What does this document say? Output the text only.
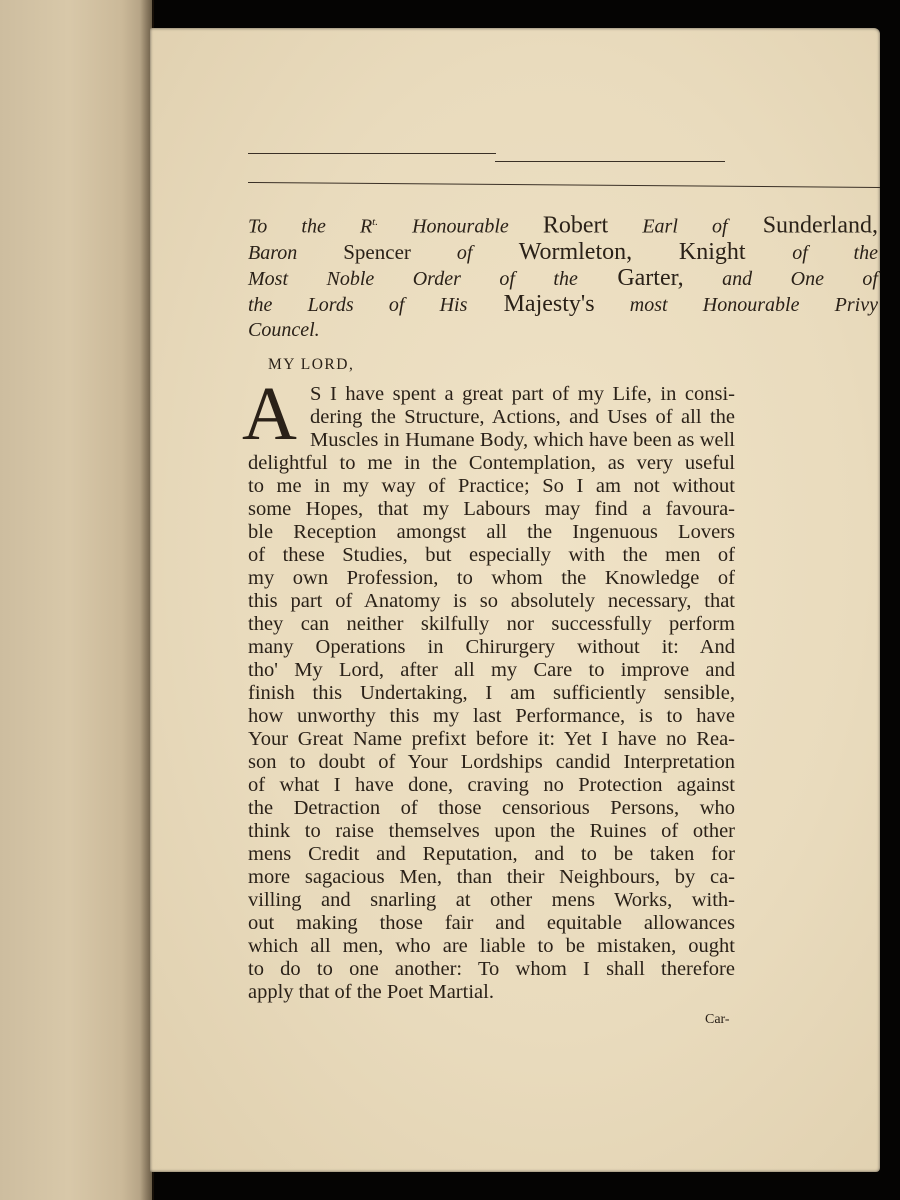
To the $R^{t.}$ Honourable Robert Earl of Sunderland,
Baron Spencer of Wormleton, Knight of the
Most Noble Order of the Garter, and One of
the Lords of His Majesty's most Honourable Privy
Councel.
MY LORD,
A S I have spent a great part of my Life, in consi-
dering the Structure, Actions, and Uses of all the
Muscles in Humane Body, which have been as well
delightful to me in the Contemplation, as very useful
to me in my way of Practice; So I am not without
some Hopes, that my Labours may find a favoura-
ble Reception amongst all the Ingenuous Lovers
of these Studies, but especially with the men of
my own Profession, to whom the Knowledge of
this part of Anatomy is so absolutely necessary, that
they can neither skilfully nor successfully perform
many Operations in Chirurgery without it: And
tho' My Lord, after all my Care to improve and
finish this Undertaking, I am sufficiently sensible,
how unworthy this my last Performance, is to have
Your Great Name prefixt before it: Yet I have no Rea-
son to doubt of Your Lordships candid Interpretation
of what I have done, craving no Protection against
the Detraction of those censorious Persons, who
think to raise themselves upon the Ruines of other
mens Credit and Reputation, and to be taken for
more sagacious Men, than their Neighbours, by ca-
villing and snarling at other mens Works, with-
out making those fair and equitable allowances
which all men, who are liable to be mistaken, ought
to do to one another: To whom I shall therefore
apply that of the Poet Martial.
Car-
